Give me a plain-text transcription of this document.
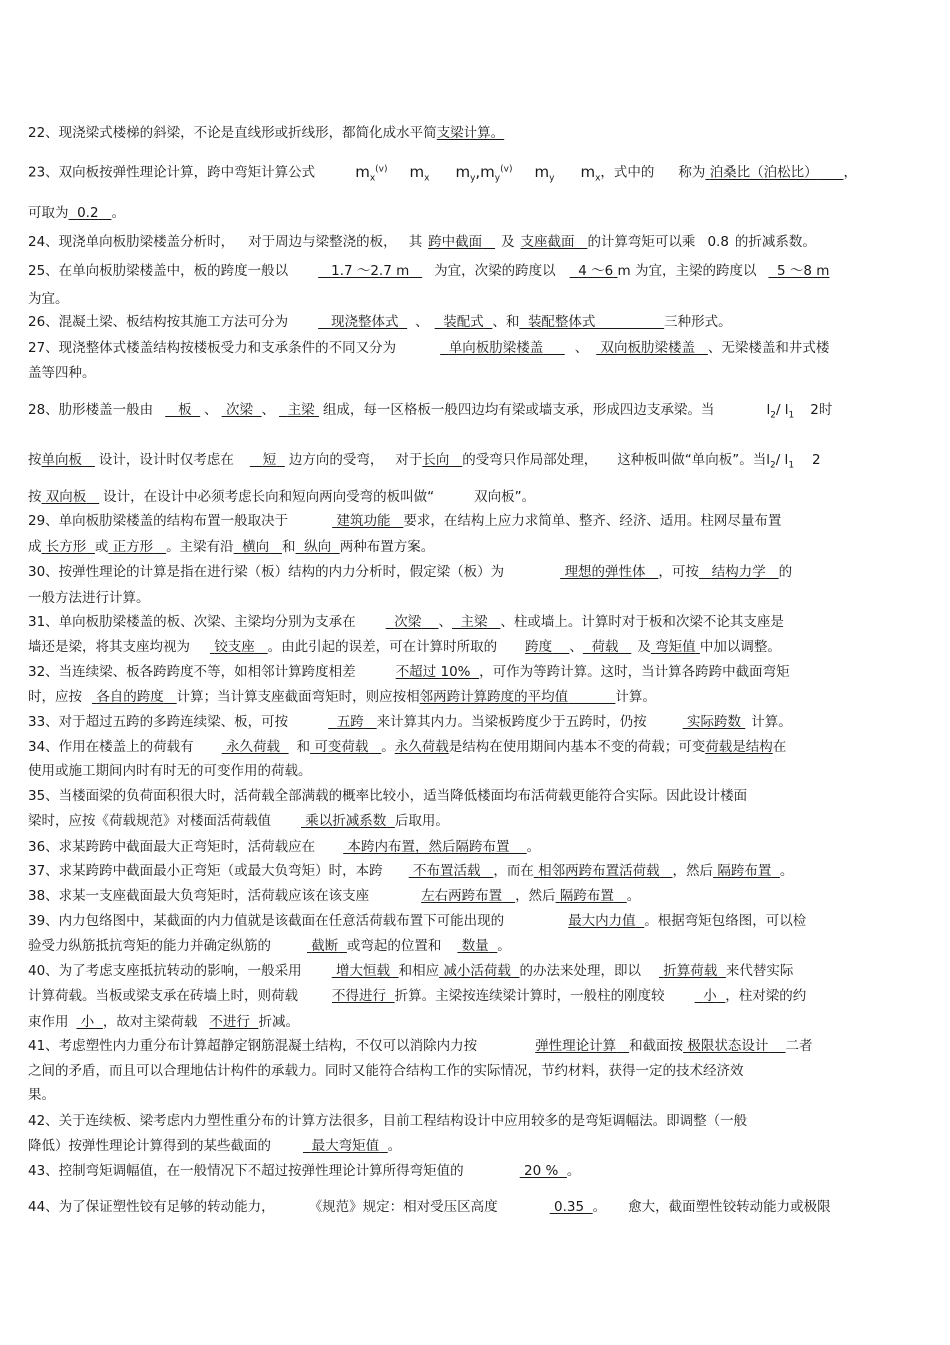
22、现浇梁式楼梯的斜梁，不论是直线形或折线形，都简化成水平简支梁计算。
23、双向板按弹性理论计算，跨中弯矩计算公式	$m_x^{(v)}$ $m_x$ $m_y,m_y^{(v)}$ $m_y$ $m_x$，式中的 称为 泊桑比（泊松比） ，
可取为 0.2 。
24、现浇单向板肋梁楼盖分析时， 对于周边与梁整浇的板， 其 跨中截面 及 支座截面 的计算弯矩可以乘 0.8 的折减系数。
25、在单向板肋梁楼盖中，板的跨度一般以	1.7 ～2.7 m 为宜，次梁的跨度以 4 ～6 m 为宜，主梁的跨度以 5 ～8 m
为宜。
26、混凝土梁、板结构按其施工方法可分为	现浇整体式 、 装配式 、和 装配整体式	三种形式。
27、现浇整体式楼盖结构按楼板受力和支承条件的不同又分为	单向板肋梁楼盖 、 双向板肋梁楼盖 、无梁楼盖和井式楼
盖等四种。
28、肋形楼盖一般由 板 、 次梁 、 主梁 组成，每一区格板一般四边均有梁或墙支承，形成四边支承梁。当	$l_2/$ $l_1$ 2时
按单向板 设计，设计时仅考虑在 短 边方向的受弯， 对于长向 的受弯只作局部处理， 这种板叫做“单向板”。当$l_2/$ $l_1$ 2
按 双向板 设计，在设计中必须考虑长向和短向两向受弯的板叫做“	双向板”。
29、单向板肋梁楼盖的结构布置一般取决于	建筑功能 要求，在结构上应力求简单、整齐、经济、适用。柱网尽量布置
成 长方形 或 正方形 。主梁有沿 横向 和 纵向 两种布置方案。
30、按弹性理论的计算是指在进行梁（板）结构的内力分析时，假定梁（板）为	理想的弹性体 ，可按 结构力学 的
一般方法进行计算。
31、单向板肋梁楼盖的板、次梁、主梁均分别为支承在	次梁 、 主梁 、柱或墙上。计算时对于板和次梁不论其支座是
墙还是梁，将其支座均视为 铰支座 。由此引起的误差，可在计算时所取的 跨度 、 荷载 及 弯矩值 中加以调整。
32、当连续梁、板各跨跨度不等，如相邻计算跨度相差	不超过 10% ，可作为等跨计算。这时，当计算各跨跨中截面弯矩
时，应按 各自的跨度 计算；当计算支座截面弯矩时，则应按相邻两跨计算跨度的平均值	计算。
33、对于超过五跨的多跨连续梁、板，可按	五跨 来计算其内力。当梁板跨度少于五跨时，仍按	实际跨数 计算。
34、作用在楼盖上的荷载有 永久荷载 和 可变荷载 。永久荷载是结构在使用期间内基本不变的荷载；可变荷载是结构在
使用或施工期间内时有时无的可变作用的荷载。
35、当楼面梁的负荷面积很大时，活荷载全部满载的概率比较小，适当降低楼面均布活荷载更能符合实际。因此设计楼面
梁时，应按《荷载规范》对楼面活荷载值	乘以折减系数 后取用。
36、求某跨跨中截面最大正弯矩时，活荷载应在 本跨内布置，然后隔跨布置 。
37、求某跨跨中截面最小正弯矩（或最大负弯矩）时，本跨 不布置活载 ，而在 相邻两跨布置活荷载 ，然后 隔跨布置 。
38、求某一支座截面最大负弯矩时，活荷载应该在该支座	左右两跨布置 ，然后 隔跨布置 。
39、内力包络图中，某截面的内力值就是该截面在任意活荷载布置下可能出现的	最大内力值 。根据弯矩包络图，可以检
验受力纵筋抵抗弯矩的能力并确定纵筋的	截断 或弯起的位置和 数量 。
40、为了考虑支座抵抗转动的影响，一般采用	增大恒载 和相应 减小活荷载 的办法来处理，即以 折算荷载 来代替实际
计算荷载。当板或梁支承在砖墙上时，则荷载	不得进行 折算。主梁按连续梁计算时，一般柱的刚度较	小 ，柱对梁的约
束作用 小 ，故对主梁荷载 不进行 折减。
41、考虑塑性内力重分布计算超静定钢筋混凝土结构，不仅可以消除内力按	弹性理论计算 和截面按 极限状态设计 二者
之间的矛盾，而且可以合理地估计构件的承载力。同时又能符合结构工作的实际情况，节约材料，获得一定的技术经济效
果。
42、关于连续板、梁考虑内力塑性重分布的计算方法很多，目前工程结构设计中应用较多的是弯矩调幅法。即调整（一般
降低）按弹性理论计算得到的某些截面的	最大弯矩值 。
43、控制弯矩调幅值，在一般情况下不超过按弹性理论计算所得弯矩值的	20 % 。
44、为了保证塑性铰有足够的转动能力，	《规范》规定：相对受压区高度	0.35 。 愈大，截面塑性铰转动能力或极限
